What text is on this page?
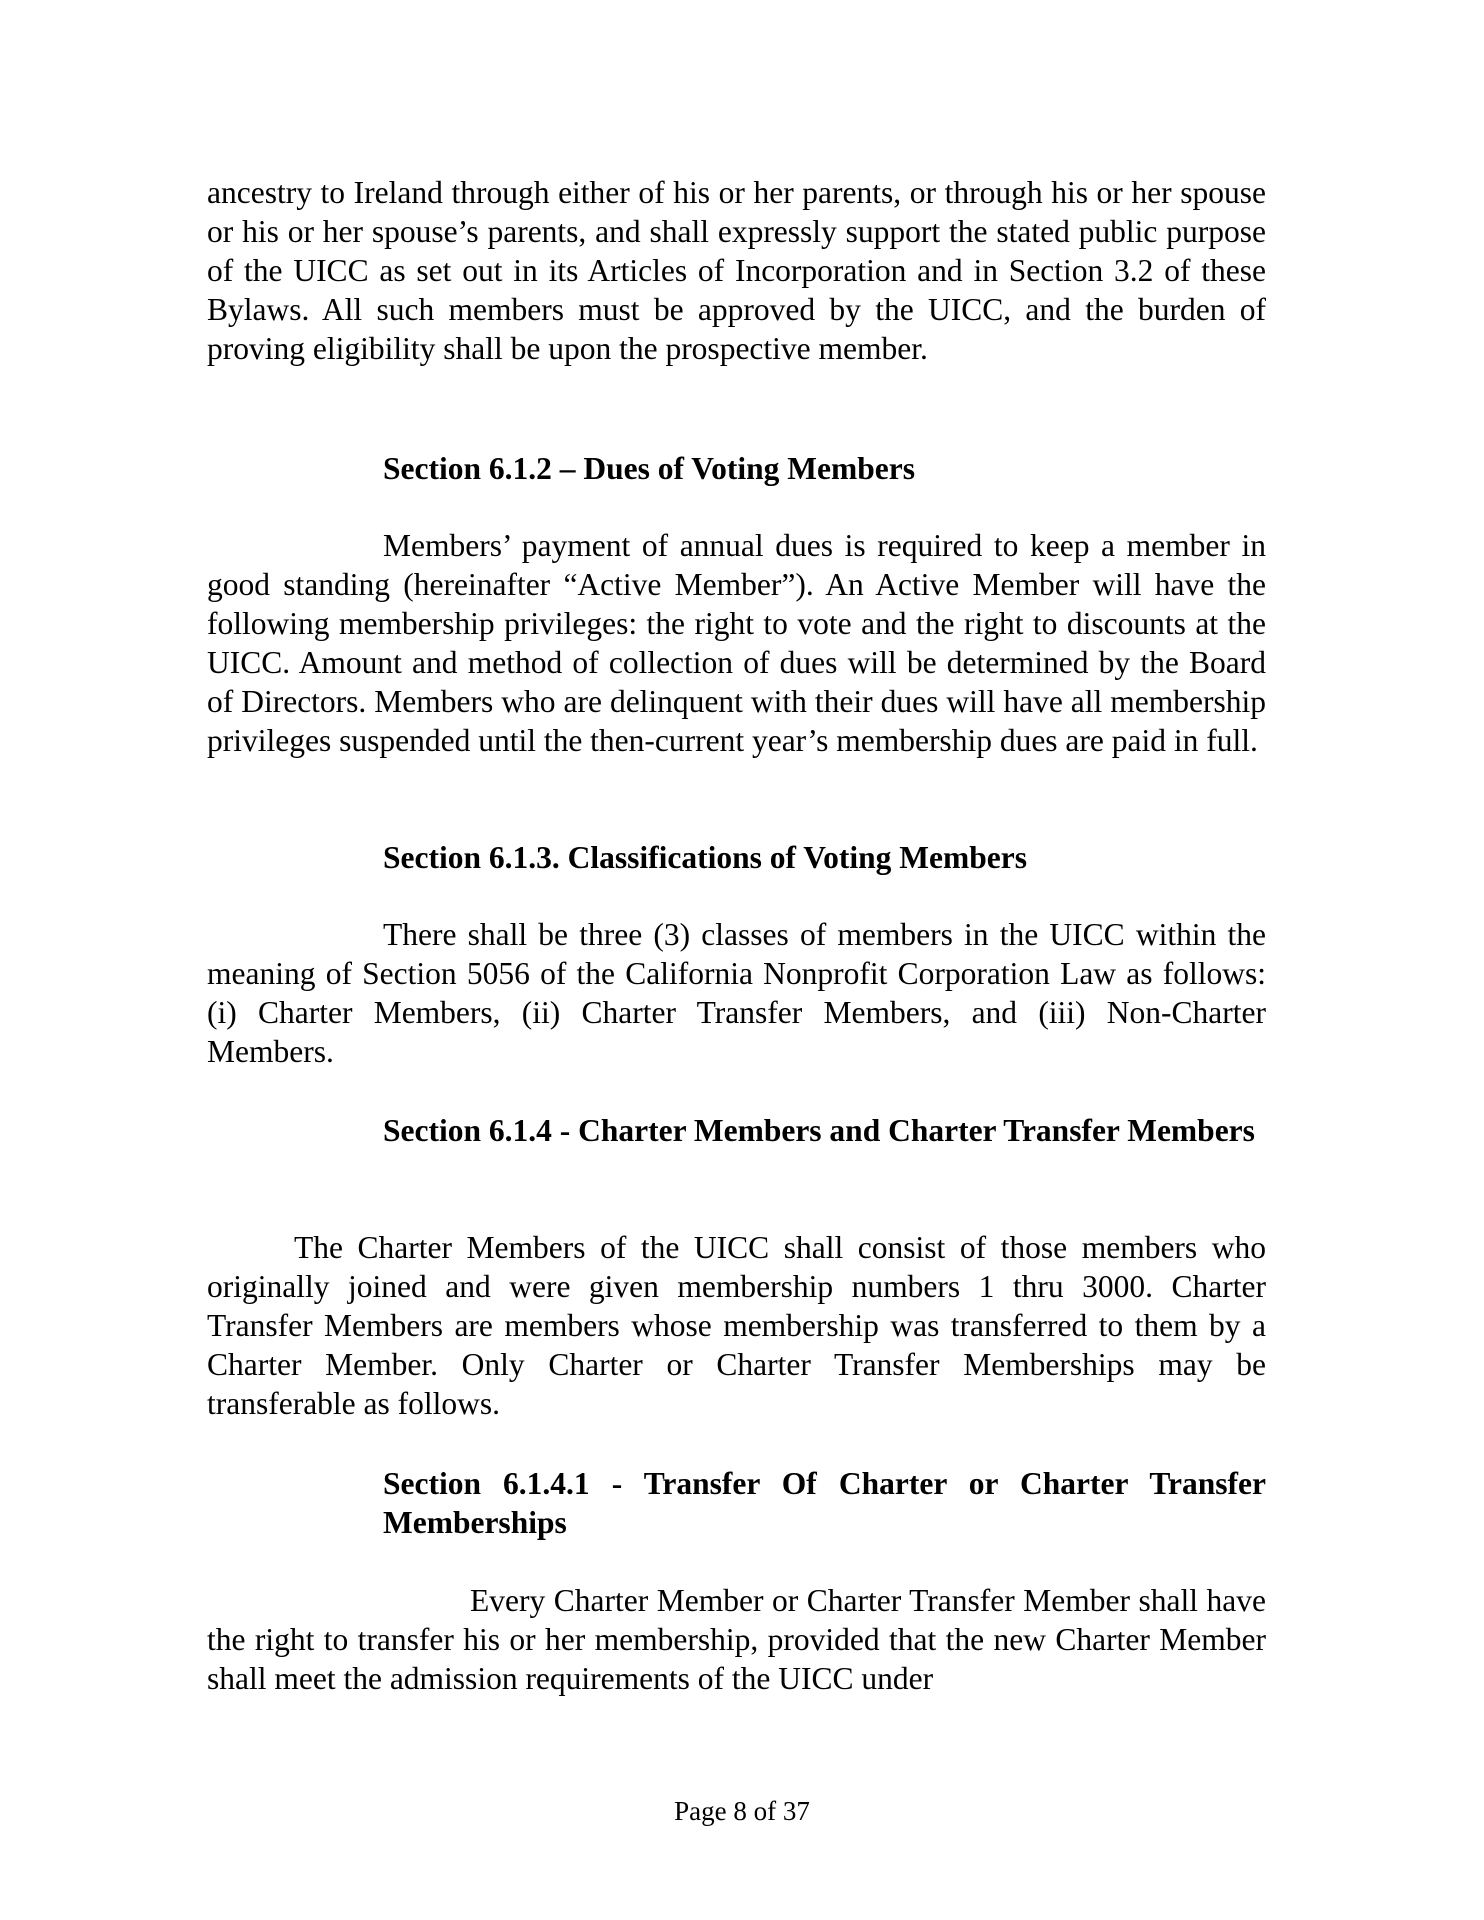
ancestry to Ireland through either of his or her parents, or through his or her spouse or his or her spouse’s parents, and shall expressly support the stated public purpose of the UICC as set out in its Articles of Incorporation and in Section 3.2 of these Bylaws. All such members must be approved by the UICC, and the burden of proving eligibility shall be upon the prospective member.

Section 6.1.2 – Dues of Voting Members

Members’ payment of annual dues is required to keep a member in good standing (hereinafter “Active Member”). An Active Member will have the following membership privileges: the right to vote and the right to discounts at the UICC. Amount and method of collection of dues will be determined by the Board of Directors. Members who are delinquent with their dues will have all membership privileges suspended until the then-current year’s membership dues are paid in full.

Section 6.1.3. Classifications of Voting Members

There shall be three (3) classes of members in the UICC within the meaning of Section 5056 of the California Nonprofit Corporation Law as follows: (i) Charter Members, (ii) Charter Transfer Members, and (iii) Non-Charter Members.

Section 6.1.4 - Charter Members and Charter Transfer Members

The Charter Members of the UICC shall consist of those members who originally joined and were given membership numbers 1 thru 3000. Charter Transfer Members are members whose membership was transferred to them by a Charter Member. Only Charter or Charter Transfer Memberships may be transferable as follows.

Section 6.1.4.1 - Transfer Of Charter or Charter Transfer Memberships

Every Charter Member or Charter Transfer Member shall have the right to transfer his or her membership, provided that the new Charter Member shall meet the admission requirements of the UICC under

Page 8 of 37
